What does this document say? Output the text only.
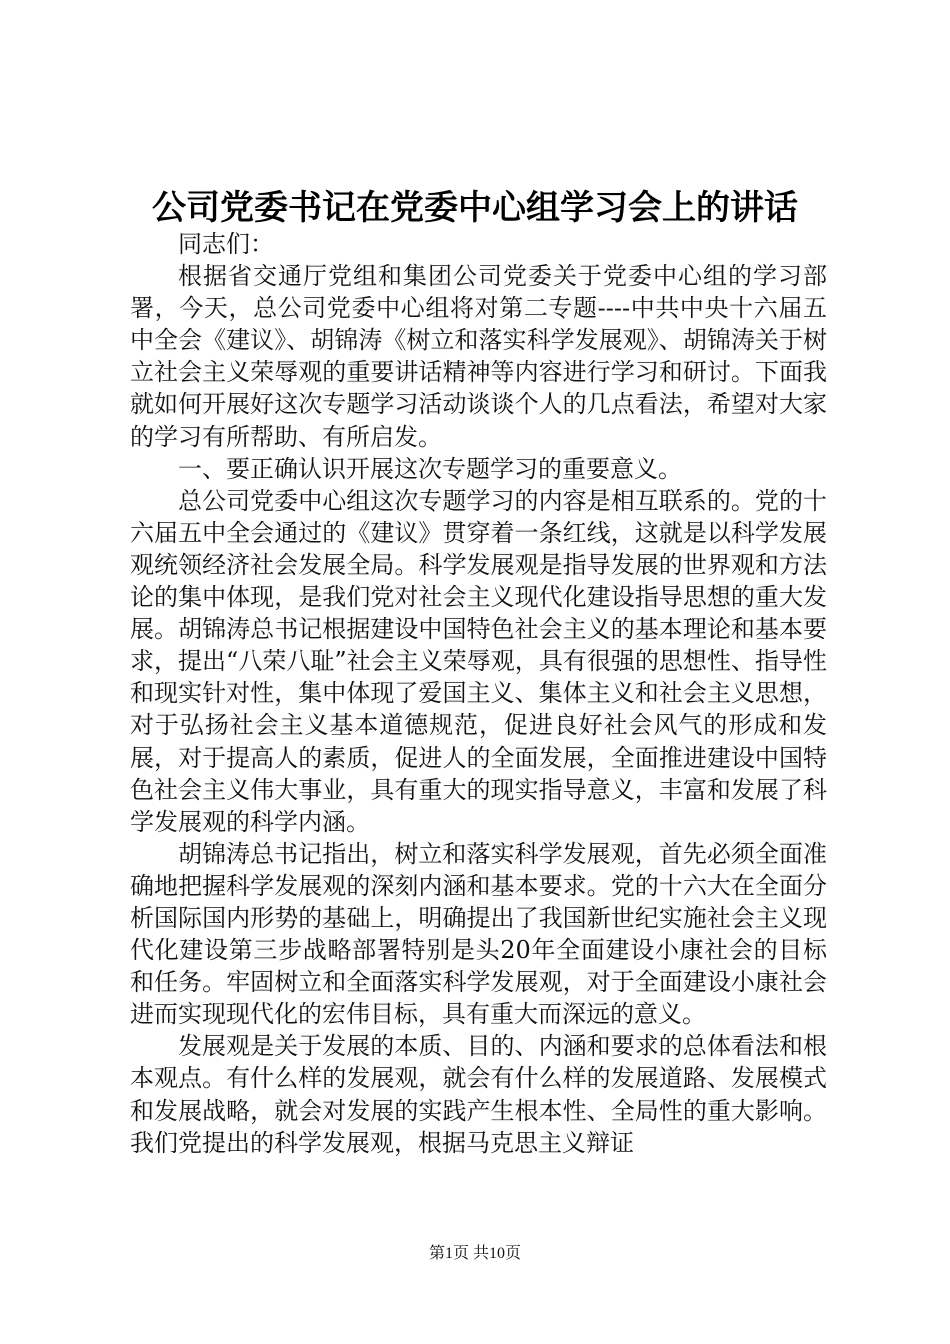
公司党委书记在党委中心组学习会上的讲话

同志们：

根据省交通厅党组和集团公司党委关于党委中心组的学习部署，今天，总公司党委中心组将对第二专题----中共中央十六届五中全会《建议》、胡锦涛《树立和落实科学发展观》、胡锦涛关于树立社会主义荣辱观的重要讲话精神等内容进行学习和研讨。下面我就如何开展好这次专题学习活动谈谈个人的几点看法，希望对大家的学习有所帮助、有所启发。

一、要正确认识开展这次专题学习的重要意义。

总公司党委中心组这次专题学习的内容是相互联系的。党的十六届五中全会通过的《建议》贯穿着一条红线，这就是以科学发展观统领经济社会发展全局。科学发展观是指导发展的世界观和方法论的集中体现，是我们党对社会主义现代化建设指导思想的重大发展。胡锦涛总书记根据建设中国特色社会主义的基本理论和基本要求，提出“八荣八耻”社会主义荣辱观，具有很强的思想性、指导性和现实针对性，集中体现了爱国主义、集体主义和社会主义思想，对于弘扬社会主义基本道德规范，促进良好社会风气的形成和发展，对于提高人的素质，促进人的全面发展，全面推进建设中国特色社会主义伟大事业，具有重大的现实指导意义，丰富和发展了科学发展观的科学内涵。

胡锦涛总书记指出，树立和落实科学发展观，首先必须全面准确地把握科学发展观的深刻内涵和基本要求。党的十六大在全面分析国际国内形势的基础上，明确提出了我国新世纪实施社会主义现代化建设第三步战略部署特别是头20年全面建设小康社会的目标和任务。牢固树立和全面落实科学发展观，对于全面建设小康社会进而实现现代化的宏伟目标，具有重大而深远的意义。

发展观是关于发展的本质、目的、内涵和要求的总体看法和根本观点。有什么样的发展观，就会有什么样的发展道路、发展模式和发展战略，就会对发展的实践产生根本性、全局性的重大影响。我们党提出的科学发展观，根据马克思主义辩证

第1页 共10页
